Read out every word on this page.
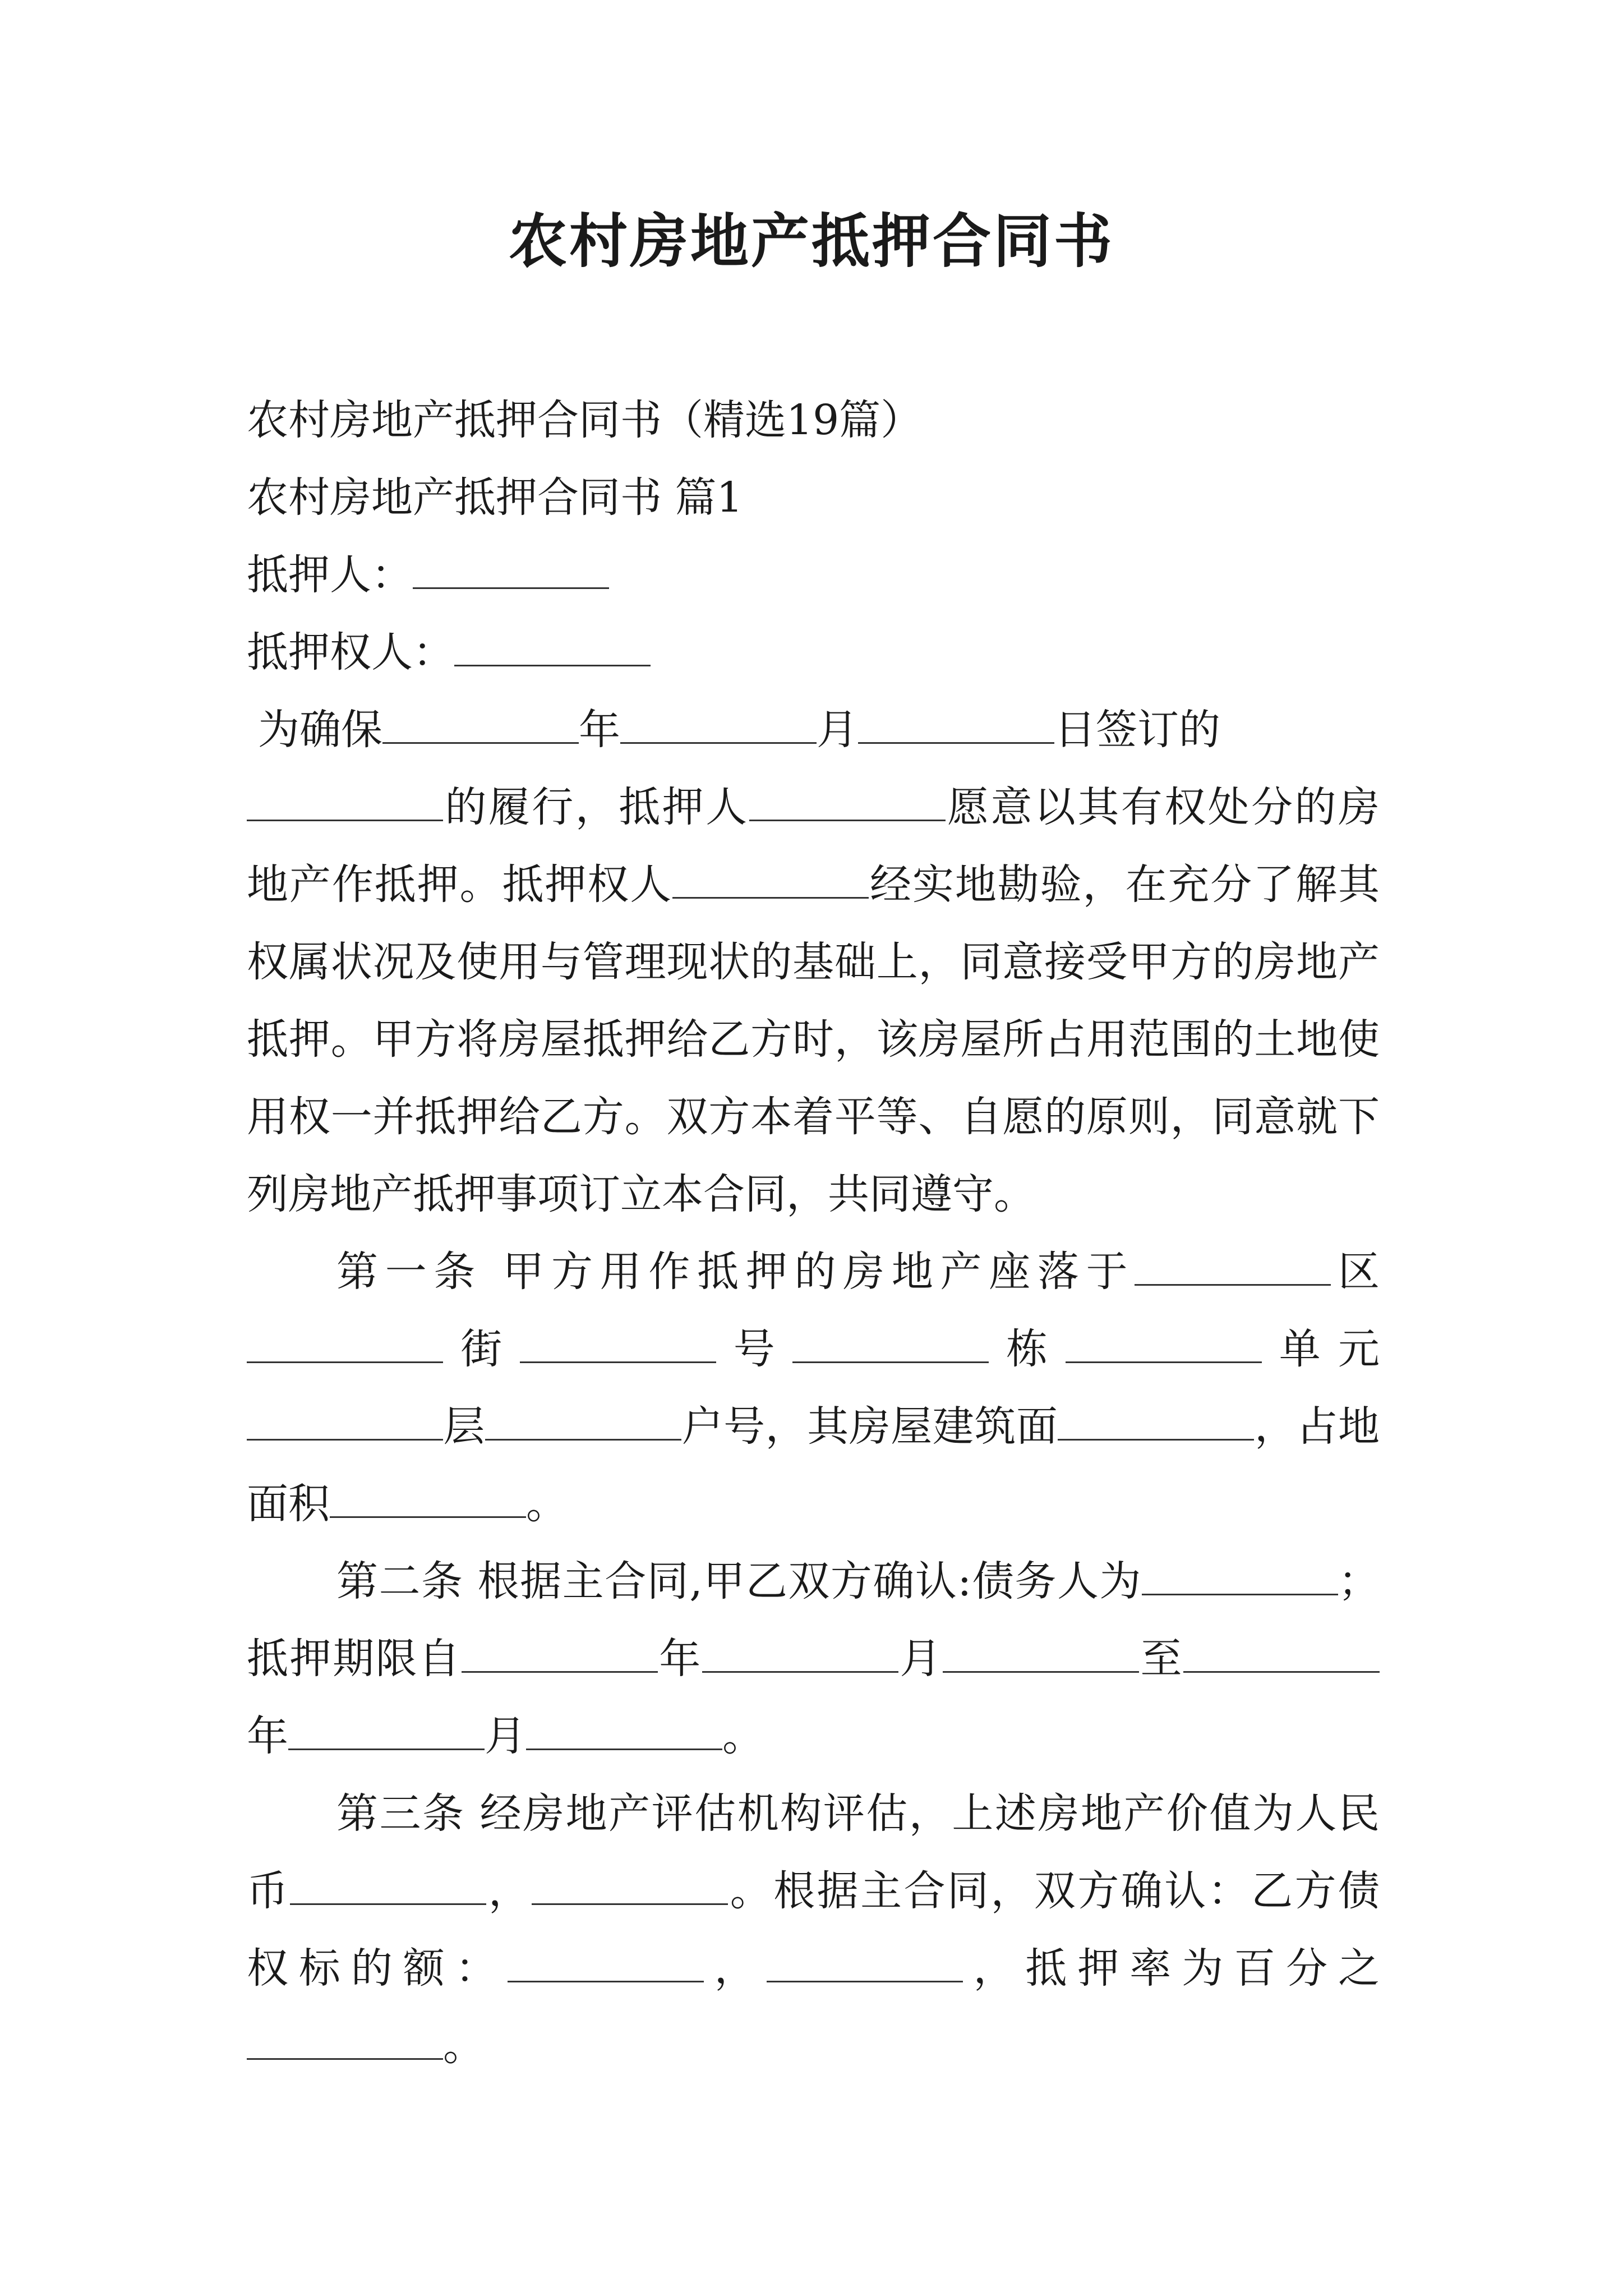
农村房地产抵押合同书

农村房地产抵押合同书（精选19篇）

农村房地产抵押合同书 篇1

抵押人：

抵押权人：

为确保	年	月	日签订的

的履行，抵押人	愿意以其有权处分的房地产作抵押。抵押权人	经实地勘验，在充分了解其权属状况及使用与管理现状的基础上，同意接受甲方的房地产抵押。甲方将房屋抵押给乙方时，该房屋所占用范围的土地使用权一并抵押给乙方。双方本着平等、自愿的原则，同意就下列房地产抵押事项订立本合同，共同遵守。

第一条 甲方用作抵押的房地产座落于	区街	号	栋	单元层	户号，其房屋建筑面	，占地面积	。

第二条 根据主合同,甲乙双方确认:债务人为	；抵押期限自	年	月	至年	月	。

第三条 经房地产评估机构评估，上述房地产价值为人民币	，	。根据主合同，双方确认：乙方债权标的额：	，	，抵押率为百分之。
